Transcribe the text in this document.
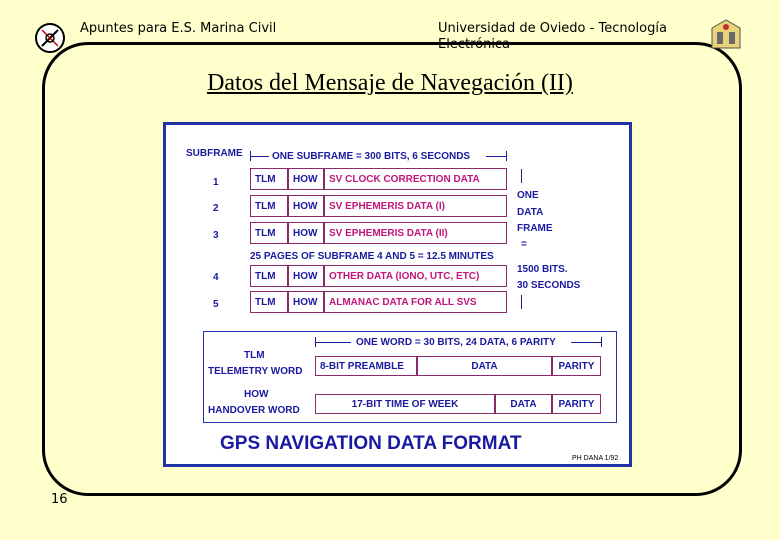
Apuntes para E.S. Marina Civil	Universidad de Oviedo - Tecnología
Electrónica
Datos del Mensaje de Navegación (II)
16
SUBFRAME	ONE SUBFRAME = 300 BITS, 6 SECONDS
1	TLM	HOW	SV CLOCK CORRECTION DATA
2	TLM	HOW	SV EPHEMERIS DATA (I)
3	TLM	HOW	SV EPHEMERIS DATA (II)
25 PAGES OF SUBFRAME 4 AND 5 = 12.5 MINUTES
4	TLM	HOW	OTHER DATA (IONO, UTC, ETC)
5	TLM	HOW	ALMANAC DATA FOR ALL SVS
ONE
DATA
FRAME
=
1500 BITS.
30 SECONDS
ONE WORD = 30 BITS, 24 DATA, 6 PARITY
TLM
TELEMETRY WORD	8-BIT PREAMBLE	DATA	PARITY
HOW
HANDOVER WORD
17-BIT TIME OF WEEK	DATA	PARITY
GPS NAVIGATION DATA FORMAT
PH DANA 1/92
